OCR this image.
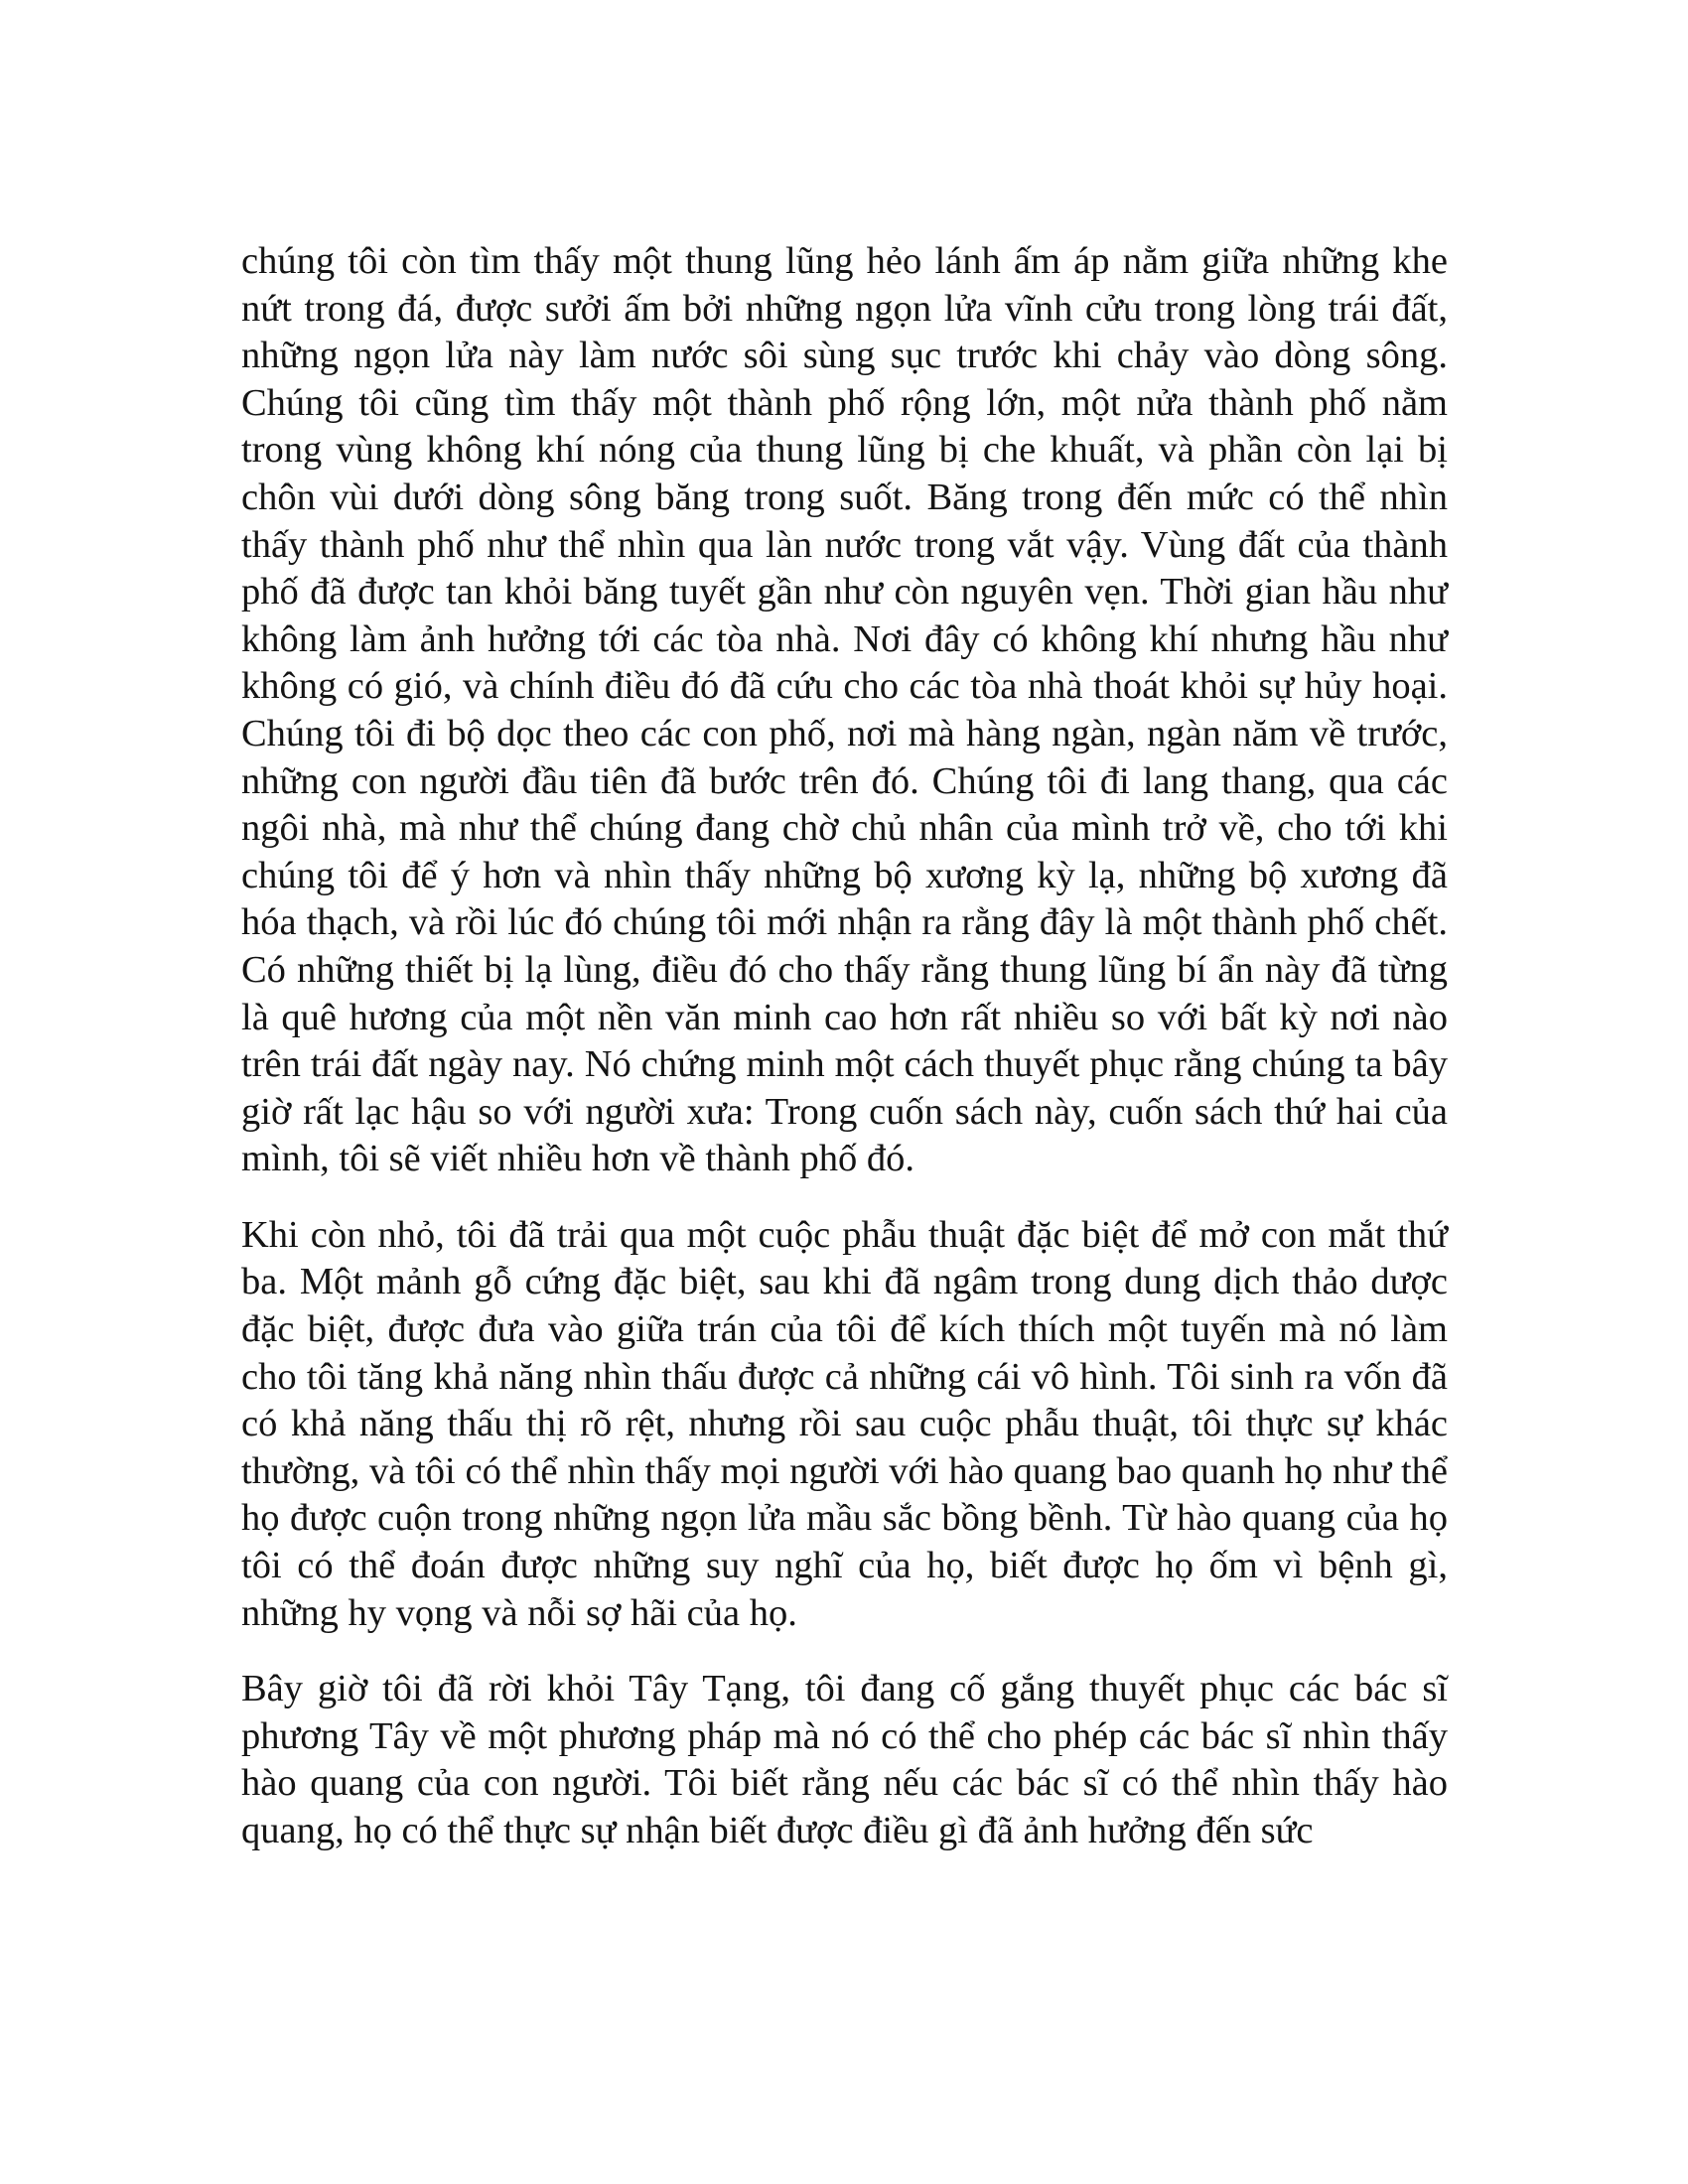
chúng tôi còn tìm thấy một thung lũng hẻo lánh ấm áp nằm giữa những khe nứt trong đá, được sưởi ấm bởi những ngọn lửa vĩnh cửu trong lòng trái đất, những ngọn lửa này làm nước sôi sùng sục trước khi chảy vào dòng sông. Chúng tôi cũng tìm thấy một thành phố rộng lớn, một nửa thành phố nằm trong vùng không khí nóng của thung lũng bị che khuất, và phần còn lại bị chôn vùi dưới dòng sông băng trong suốt. Băng trong đến mức có thể nhìn thấy thành phố như thể nhìn qua làn nước trong vắt vậy. Vùng đất của thành phố đã được tan khỏi băng tuyết gần như còn nguyên vẹn. Thời gian hầu như không làm ảnh hưởng tới các tòa nhà. Nơi đây có không khí nhưng hầu như không có gió, và chính điều đó đã cứu cho các tòa nhà thoát khỏi sự hủy hoại. Chúng tôi đi bộ dọc theo các con phố, nơi mà hàng ngàn, ngàn năm về trước, những con người đầu tiên đã bước trên đó. Chúng tôi đi lang thang, qua các ngôi nhà, mà như thể chúng đang chờ chủ nhân của mình trở về, cho tới khi chúng tôi để ý hơn và nhìn thấy những bộ xương kỳ lạ, những bộ xương đã hóa thạch, và rồi lúc đó chúng tôi mới nhận ra rằng đây là một thành phố chết. Có những thiết bị lạ lùng, điều đó cho thấy rằng thung lũng bí ẩn này đã từng là quê hương của một nền văn minh cao hơn rất nhiều so với bất kỳ nơi nào trên trái đất ngày nay. Nó chứng minh một cách thuyết phục rằng chúng ta bây giờ rất lạc hậu so với người xưa: Trong cuốn sách này, cuốn sách thứ hai của mình, tôi sẽ viết nhiều hơn về thành phố đó.

Khi còn nhỏ, tôi đã trải qua một cuộc phẫu thuật đặc biệt để mở con mắt thứ ba. Một mảnh gỗ cứng đặc biệt, sau khi đã ngâm trong dung dịch thảo dược đặc biệt, được đưa vào giữa trán của tôi để kích thích một tuyến mà nó làm cho tôi tăng khả năng nhìn thấu được cả những cái vô hình. Tôi sinh ra vốn đã có khả năng thấu thị rõ rệt, nhưng rồi sau cuộc phẫu thuật, tôi thực sự khác thường, và tôi có thể nhìn thấy mọi người với hào quang bao quanh họ như thể họ được cuộn trong những ngọn lửa mầu sắc bồng bềnh. Từ hào quang của họ tôi có thể đoán được những suy nghĩ của họ, biết được họ ốm vì bệnh gì, những hy vọng và nỗi sợ hãi của họ.

Bây giờ tôi đã rời khỏi Tây Tạng, tôi đang cố gắng thuyết phục các bác sĩ phương Tây về một phương pháp mà nó có thể cho phép các bác sĩ nhìn thấy hào quang của con người. Tôi biết rằng nếu các bác sĩ có thể nhìn thấy hào quang, họ có thể thực sự nhận biết được điều gì đã ảnh hưởng đến sức
